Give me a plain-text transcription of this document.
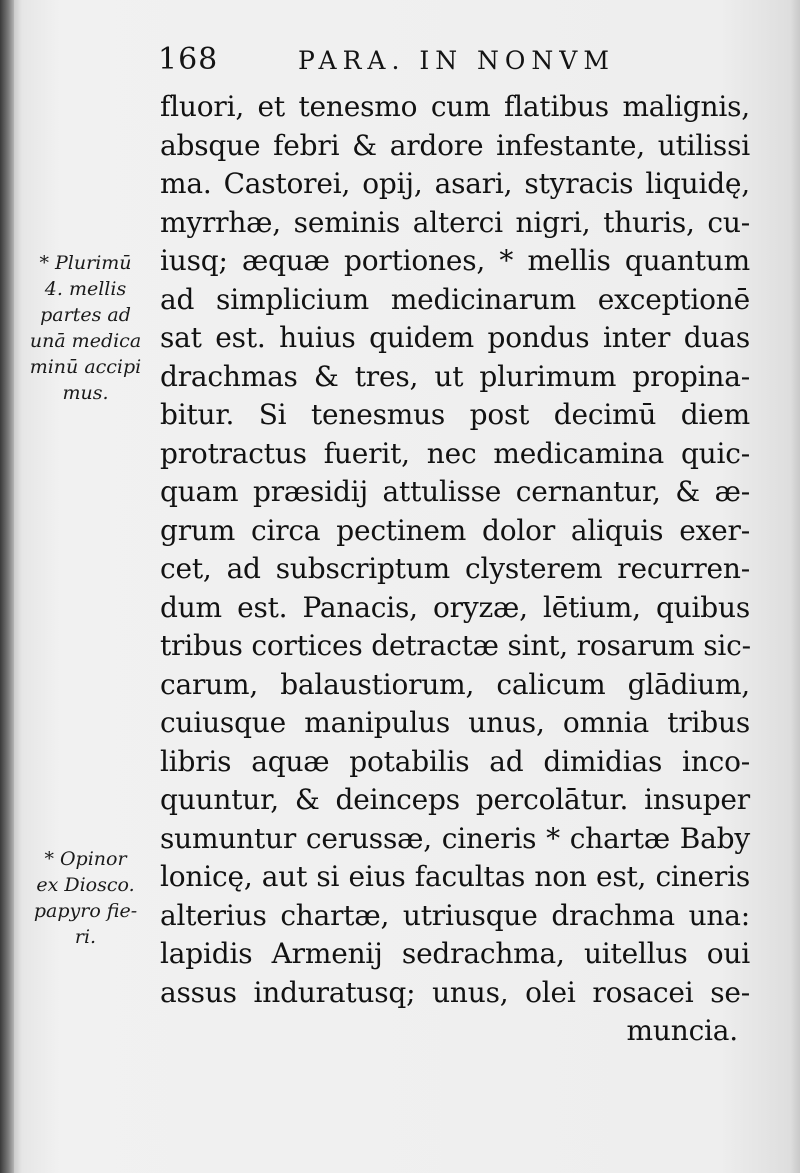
168	PARA. IN NONVM
fluori, et tenesmo cum flatibus malignis,
absque febri & ardore infestante, utilissi
ma. Castorei, opij, asari, styracis liquidę,
myrrhæ, seminis alterci nigri, thuris, cu-
iusq; æquæ portiones, * mellis quantum
ad simplicium medicinarum exceptionē
sat est. huius quidem pondus inter duas
drachmas & tres, ut plurimum propina-
bitur. Si tenesmus post decimū diem
protractus fuerit, nec medicamina quic-
quam præsidij attulisse cernantur, & æ-
grum circa pectinem dolor aliquis exer-
cet, ad subscriptum clysterem recurren-
dum est. Panacis, oryzæ, lētium, quibus
tribus cortices detractæ sint, rosarum sic-
carum, balaustiorum, calicum glādium,
cuiusque manipulus unus, omnia tribus
libris aquæ potabilis ad dimidias inco-
quuntur, & deinceps percolātur. insuper
sumuntur cerussæ, cineris * chartæ Baby
lonicę, aut si eius facultas non est, cineris
alterius chartæ, utriusque drachma una:
lapidis Armenij sedrachma, uitellus oui
assus induratusq; unus, olei rosacei se-
muncia.
* Plurimū
4. mellis
partes ad
unā medica
minū accipi
mus.
* Opinor
ex Diosco.
papyro fie-
ri.
